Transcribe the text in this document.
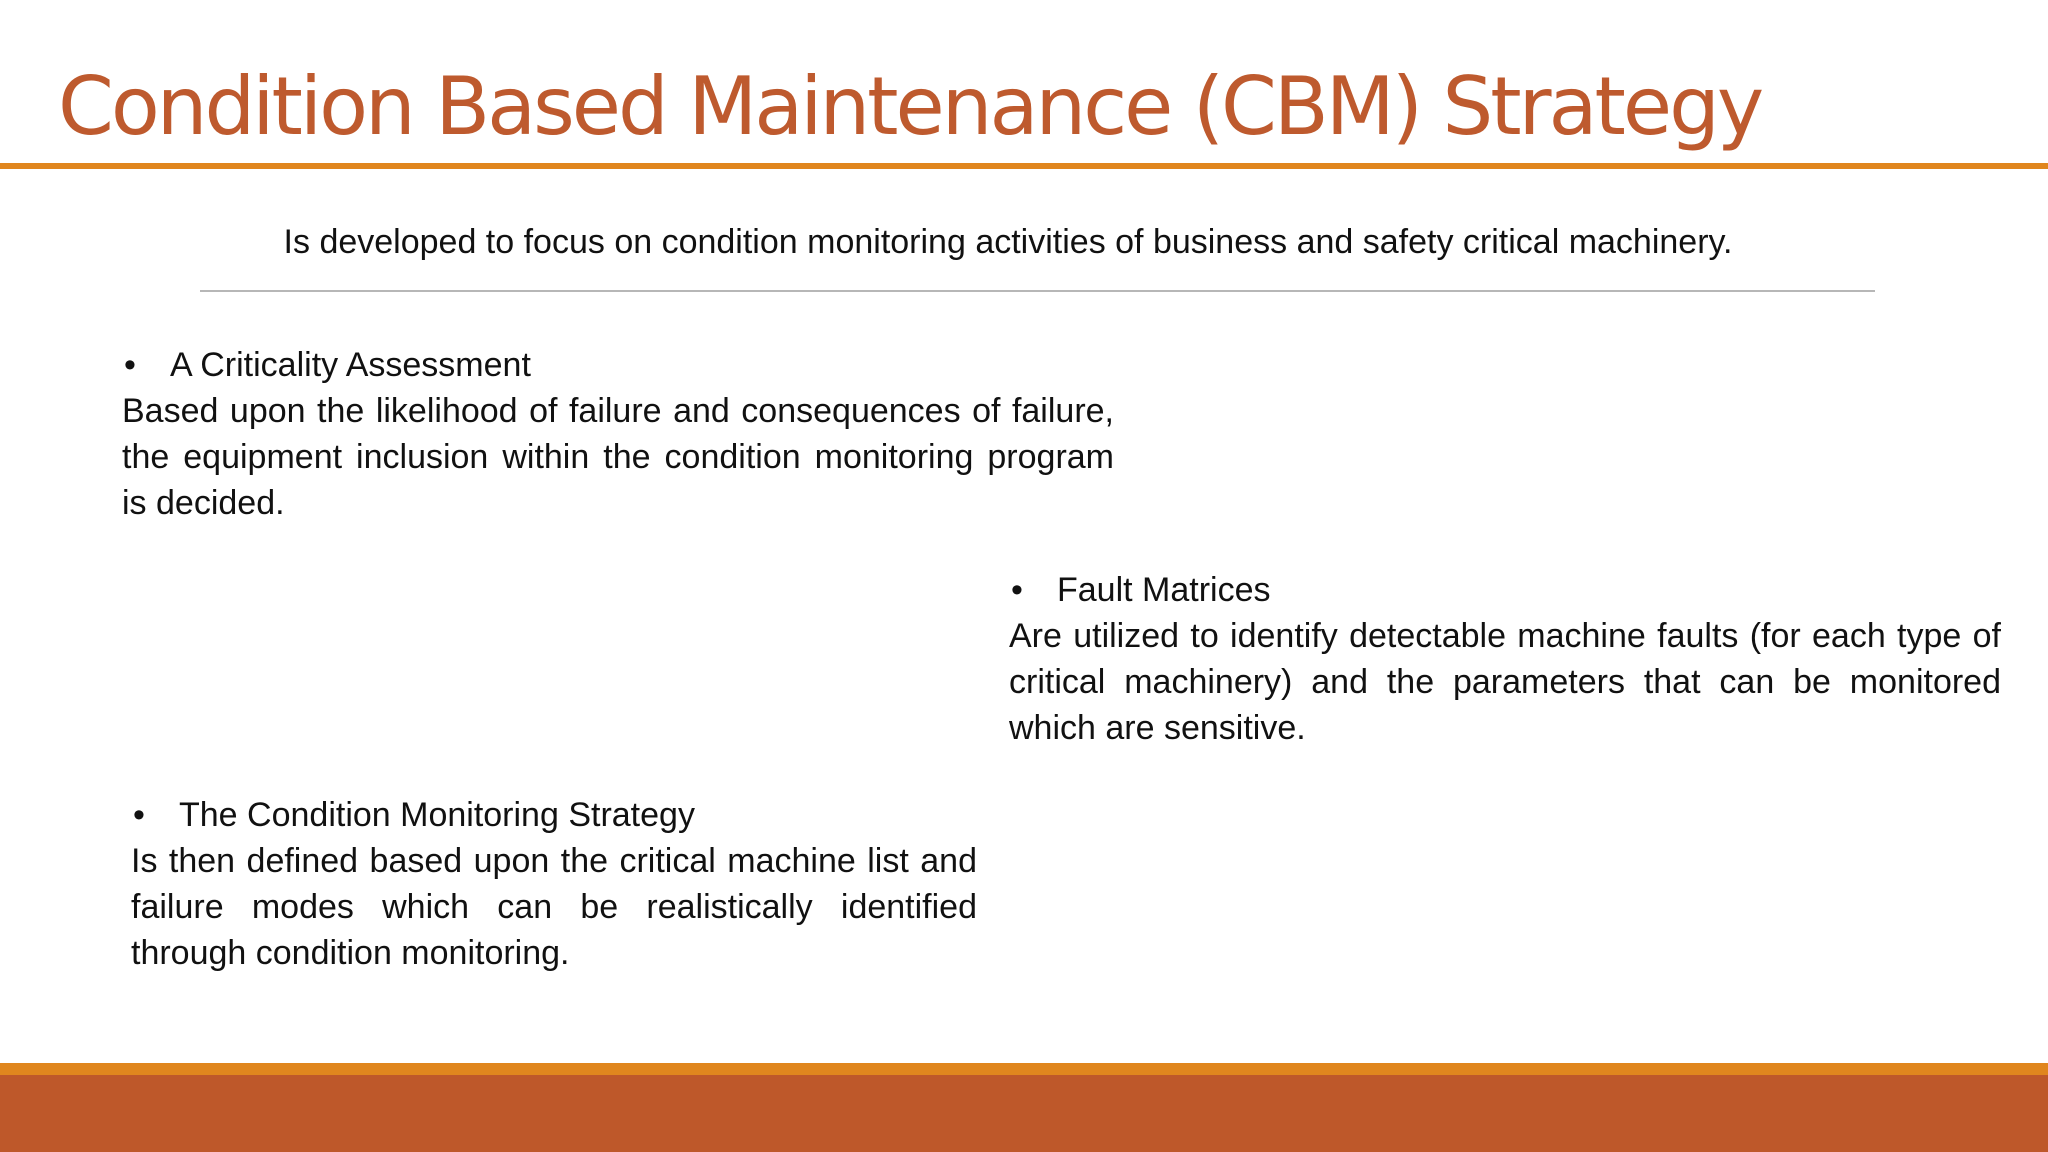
Condition Based Maintenance (CBM) Strategy

Is developed to focus on condition monitoring activities of business and safety critical machinery.

• A Criticality Assessment

Based upon the likelihood of failure and consequences of failure, the equipment inclusion within the condition monitoring program is decided.

• Fault Matrices

Are utilized to identify detectable machine faults (for each type of critical machinery) and the parameters that can be monitored which are sensitive.

• The Condition Monitoring Strategy

Is then defined based upon the critical machine list and failure modes which can be realistically identified through condition monitoring.
